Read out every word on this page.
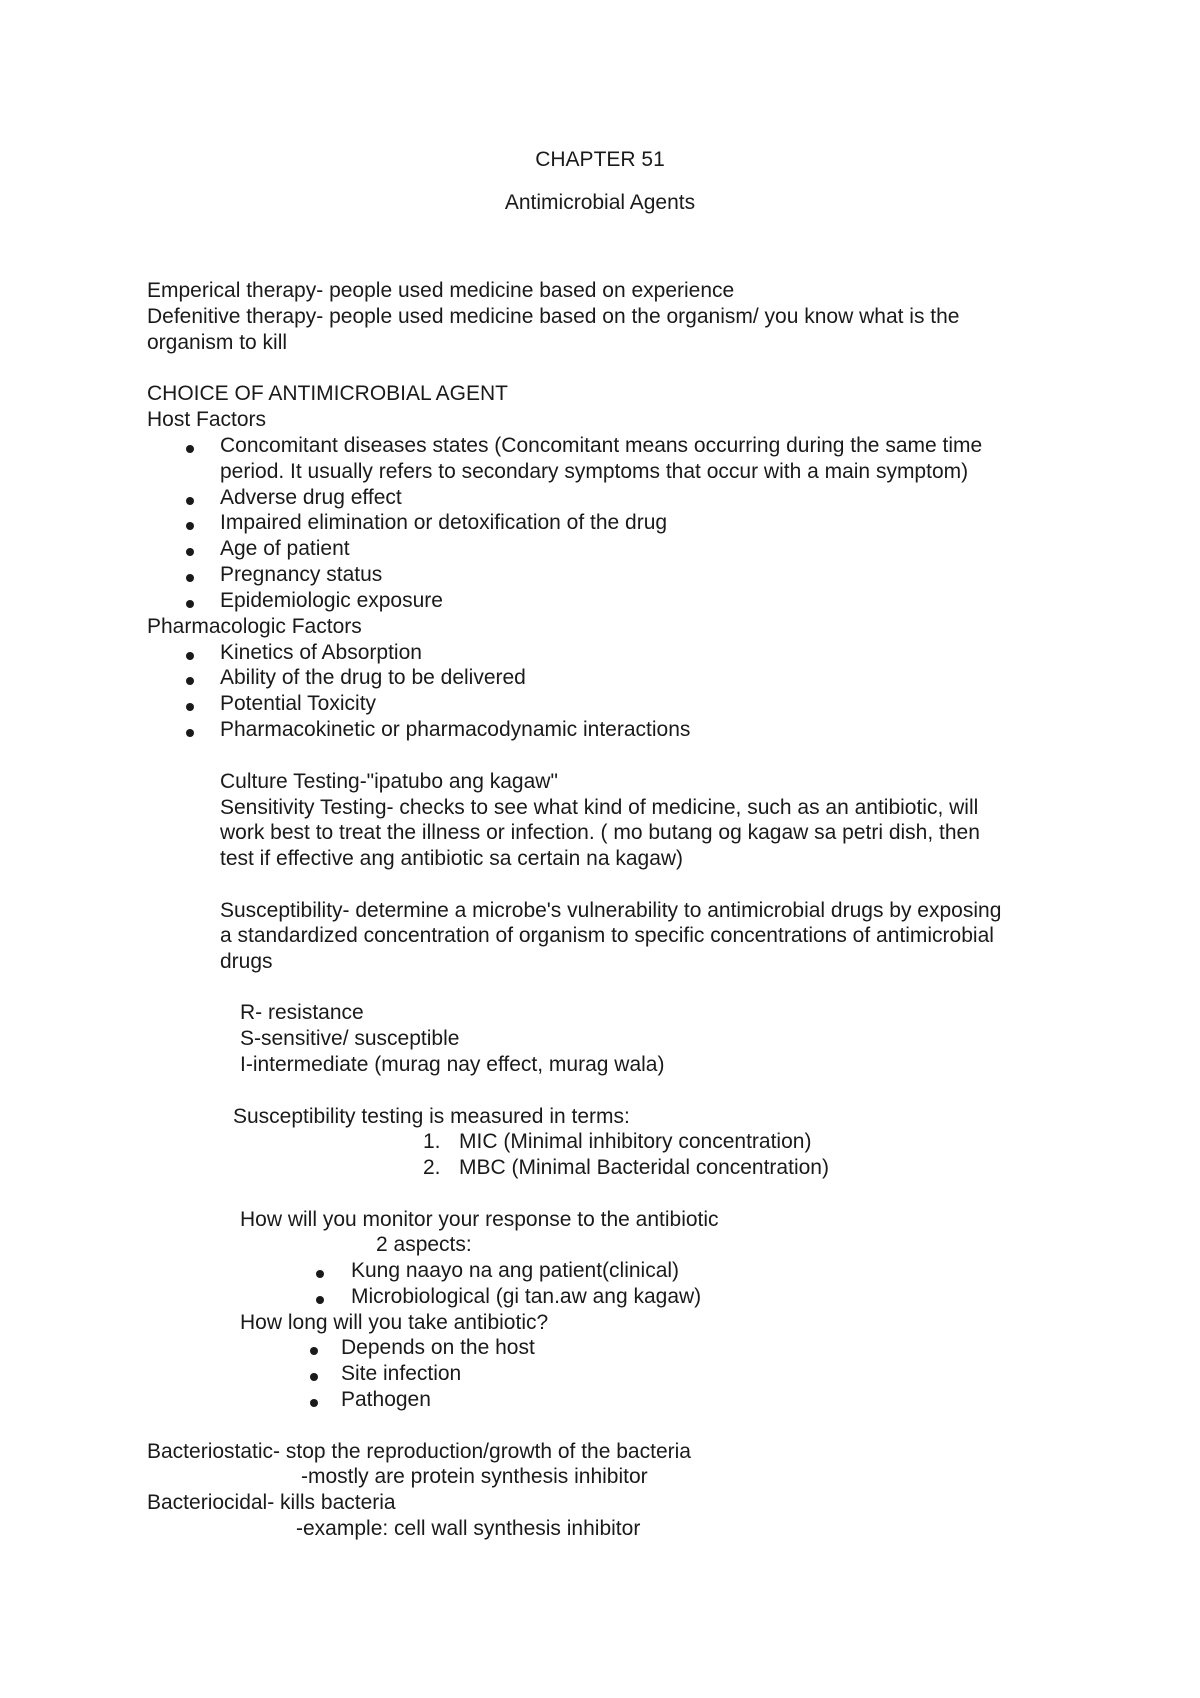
CHAPTER 51
Antimicrobial Agents
Emperical therapy- people used medicine based on experience
Defenitive therapy- people used medicine based on the organism/ you know what is the
organism to kill
CHOICE OF ANTIMICROBIAL AGENT
Host Factors
Concomitant diseases states (Concomitant means occurring during the same time
period. It usually refers to secondary symptoms that occur with a main symptom)
Adverse drug effect
Impaired elimination or detoxification of the drug
Age of patient
Pregnancy status
Epidemiologic exposure
Pharmacologic Factors
Kinetics of Absorption
Ability of the drug to be delivered
Potential Toxicity
Pharmacokinetic or pharmacodynamic interactions
Culture Testing-"ipatubo ang kagaw"
Sensitivity Testing- checks to see what kind of medicine, such as an antibiotic, will
work best to treat the illness or infection. ( mo butang og kagaw sa petri dish, then
test if effective ang antibiotic sa certain na kagaw)
Susceptibility- determine a microbe's vulnerability to antimicrobial drugs by exposing
a standardized concentration of organism to specific concentrations of antimicrobial
drugs
R- resistance
S-sensitive/ susceptible
I-intermediate (murag nay effect, murag wala)
Susceptibility testing is measured in terms:
1. MIC (Minimal inhibitory concentration)
2. MBC (Minimal Bacteridal concentration)
How will you monitor your response to the antibiotic
2 aspects:
Kung naayo na ang patient(clinical)
Microbiological (gi tan.aw ang kagaw)
How long will you take antibiotic?
Depends on the host
Site infection
Pathogen
Bacteriostatic- stop the reproduction/growth of the bacteria
-mostly are protein synthesis inhibitor
Bacteriocidal- kills bacteria
-example: cell wall synthesis inhibitor
